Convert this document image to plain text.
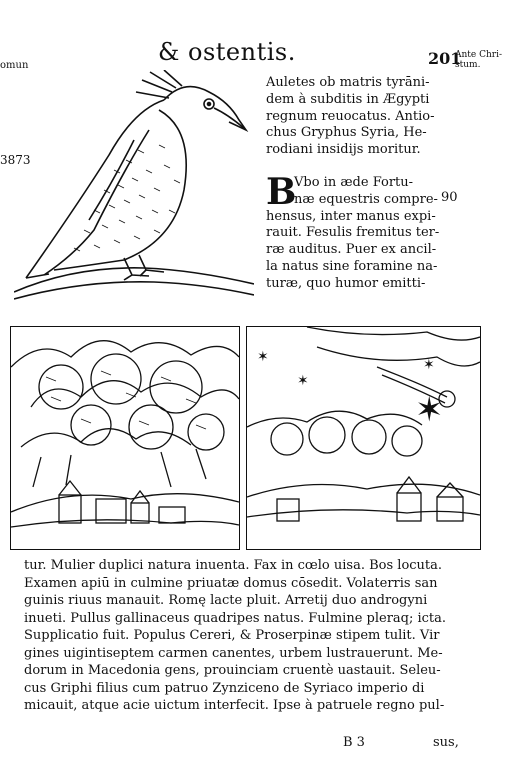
omun	& ostentis.	201
Ante Chri-
stum.
3873
90
Auletes ob matris tyrāni-
dem à subditis in Ægypti
regnum reuocatus. Antio-
chus Gryphus Syria, He-
rodiani insidijs moritur.
B
Vbo in æde Fortu-
næ equestris compre-
hensus, inter manus expi-
rauit. Fesulis fremitus ter-
ræ auditus. Puer ex ancil-
la natus sine foramine na-
turæ, quo humor emitti-
✶
✶
✶
✶
tur. Mulier duplici natura inuenta. Fax in cœlo uisa. Bos locuta.
Examen apiū in culmine priuatæ domus cōsedit. Volaterris san
guinis riuus manauit. Romę lacte pluit. Arretij duo androgyni
inueti. Pullus gallinaceus quadripes natus. Fulmine pleraq; icta.
Supplicatio fuit. Populus Cereri, & Proserpinæ stipem tulit. Vir
gines uigintiseptem carmen canentes, urbem lustrauerunt. Me-
dorum in Macedonia gens, prouinciam cruentè uastauit. Seleu-
cus Griphi filius cum patruo Zynziceno de Syriaco imperio di
micauit, atque acie uictum interfecit. Ipse à patruele regno pul-
B 3	sus,
